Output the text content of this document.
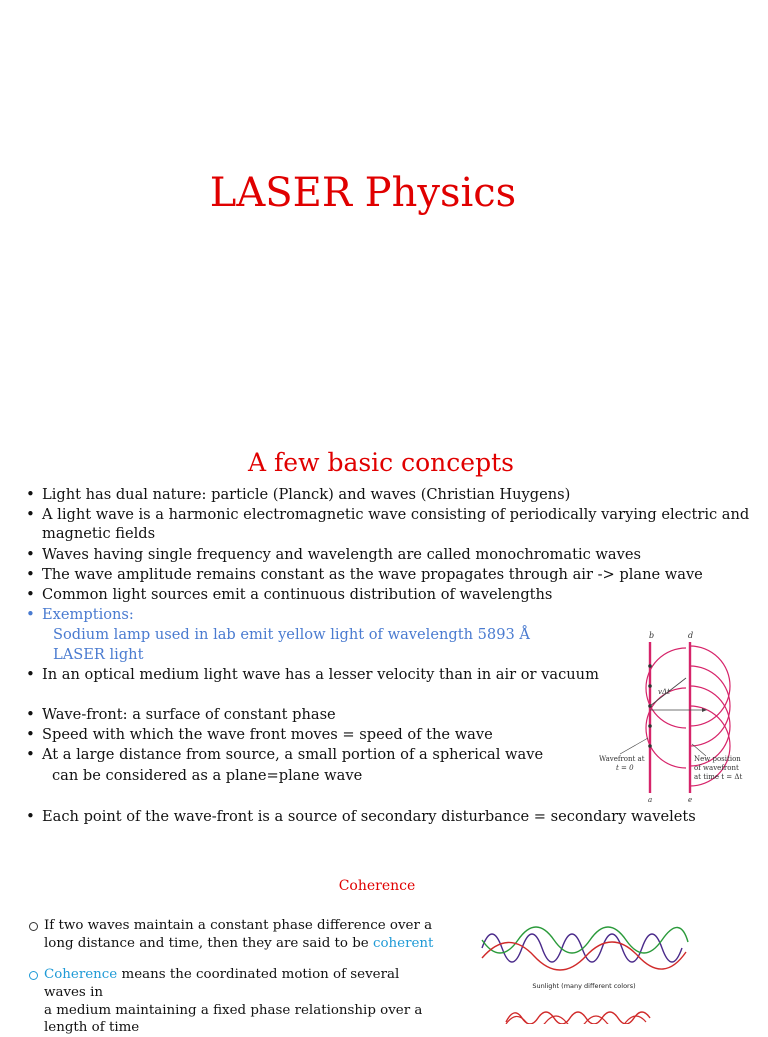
LASER Physics
A few basic concepts
• Light has dual nature: particle (Planck) and waves (Christian Huygens)
• A light wave is a harmonic electromagnetic wave consisting of periodically varying electric and
magnetic fields
• Waves having single frequency and wavelength are called monochromatic waves
• The wave amplitude remains constant as the wave propagates through air -> plane wave
• Common light sources emit a continuous distribution of wavelengths
• Exemptions:
Sodium lamp used in lab emit yellow light of wavelength 5893 Å
LASER light
• In an optical medium light wave has a lesser velocity than in air or vacuum
• Wave-front: a surface of constant phase
• Speed with which the wave front moves = speed of the wave
• At a large distance from source, a small portion of a spherical wave
can be considered as a plane=plane wave
• Each point of the wave-front is a source of secondary disturbance = secondary wavelets
b	d
vΔt
Wavefront at
t = 0
New position
of wavefront
at time t = Δt
a	e
Coherence
If two waves maintain a constant phase difference over a
long distance and time, then they are said to be coherent
Coherence means the coordinated motion of several waves in
a medium maintaining a fixed phase relationship over a
length of time
Sunlight (many different colors)
